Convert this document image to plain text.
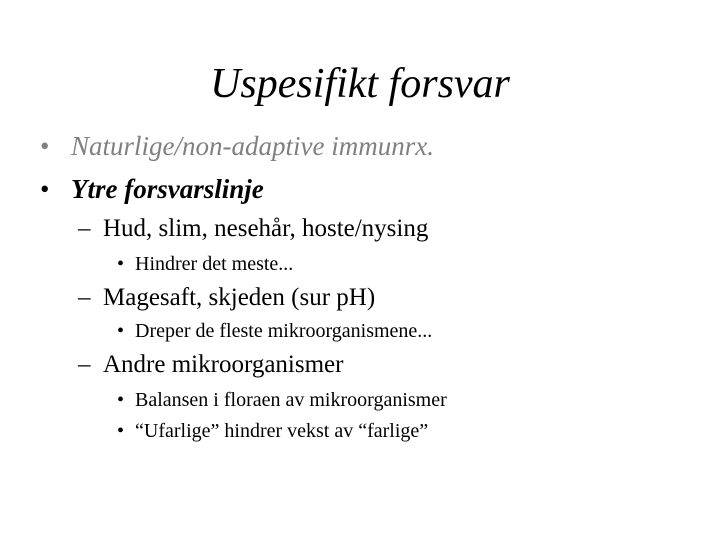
Uspesifikt forsvar
• Naturlige/non-adaptive immunrx.
• Ytre forsvarslinje
– Hud, slim, nesehår, hoste/nysing
• Hindrer det meste...
– Magesaft, skjeden (sur pH)
• Dreper de fleste mikroorganismene...
– Andre mikroorganismer
• Balansen i floraen av mikroorganismer
• “Ufarlige” hindrer vekst av “farlige”
